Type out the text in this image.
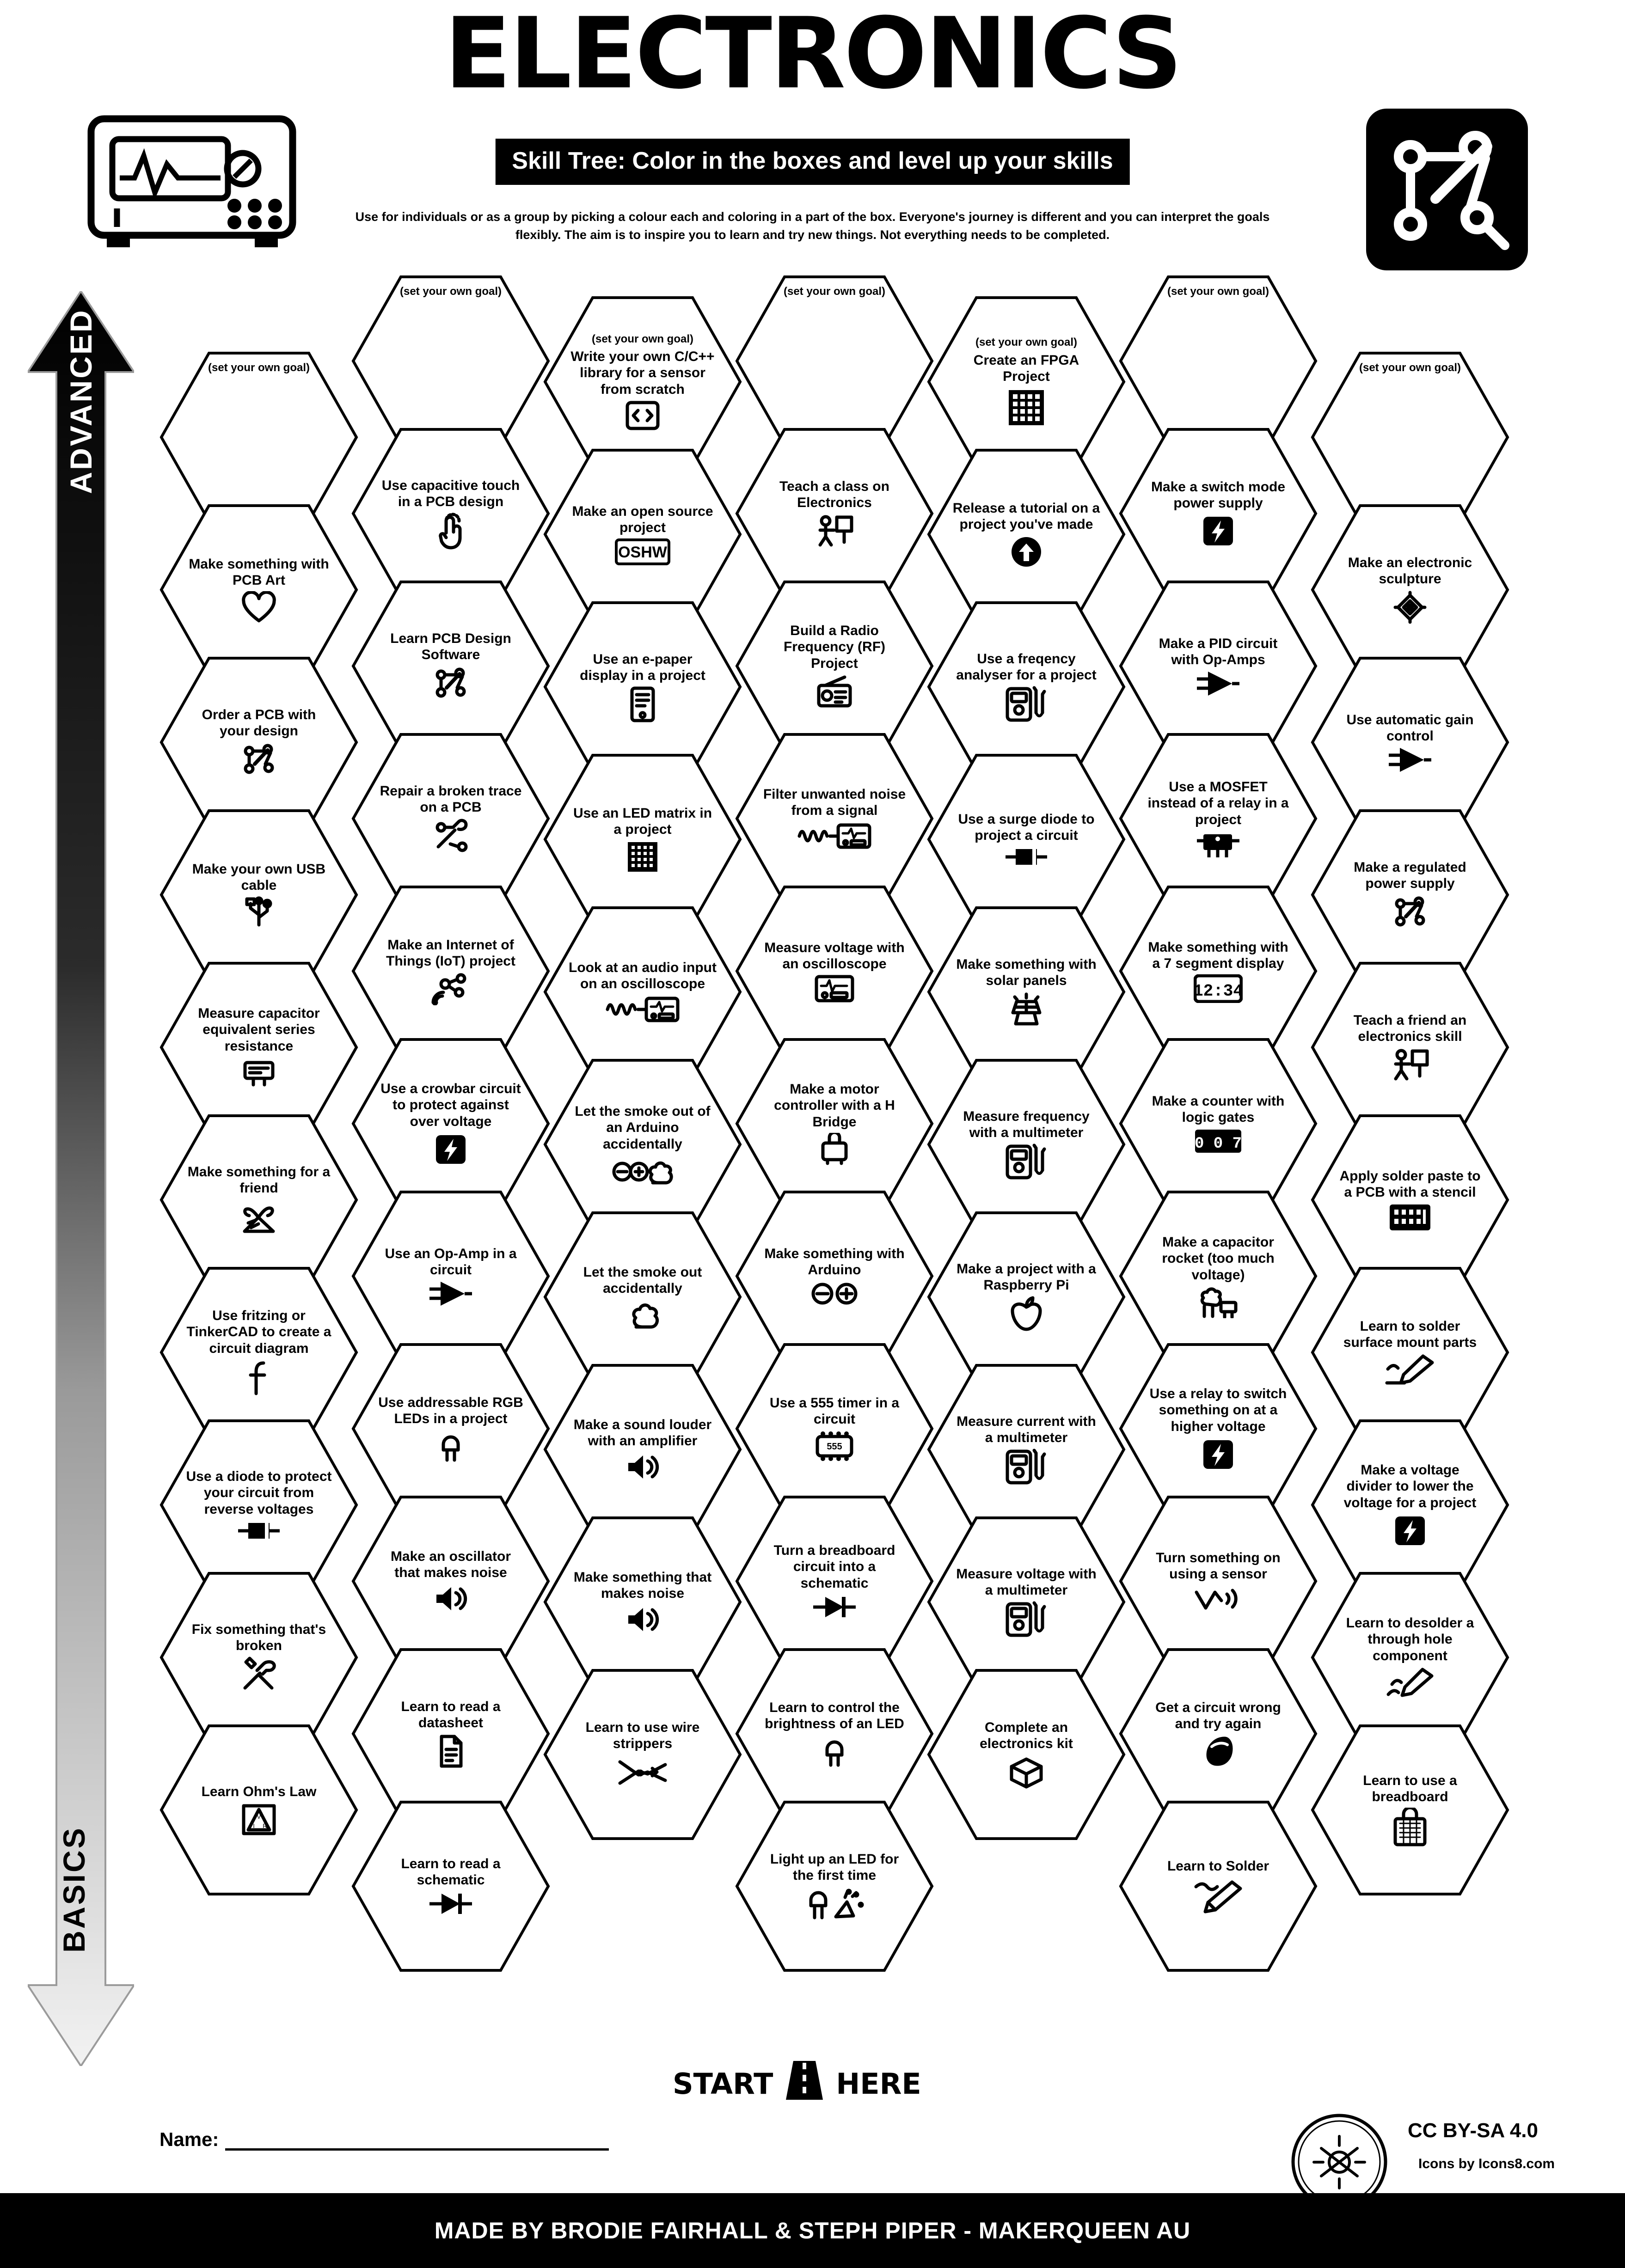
ELECTRONICS
Skill Tree: Color in the boxes and level up your skills
Use for individuals or as a group by picking a colour each and coloring in a part of the box. Everyone's journey is different and you can interpret the goals flexibly. The aim is to inspire you to learn and try new things. Not everything needs to be completed.
ADVANCED
BASICS
(set your own goal)
Make something with PCB Art
Order a PCB with your design
Make your own USB cable
Measure capacitor equivalent series resistance
Make something for a friend
Use fritzing or TinkerCAD to create a circuit diagram
Use a diode to protect your circuit from reverse voltages
Fix something that's broken
Learn Ohm's Law
V
I R
(set your own goal)
Use capacitive touch in a PCB design
Learn PCB Design Software
Repair a broken trace on a PCB
Make an Internet of Things (IoT) project
Use a crowbar circuit to protect against over voltage
Use an Op-Amp in a circuit
Use addressable RGB LEDs in a project
Make an oscillator that makes noise
Learn to read a datasheet
Learn to read a schematic
(set your own goal)
Write your own C/C++ library for a sensor from scratch
Make an open source project
OSHW
Use an e-paper display in a project
Use an LED matrix in a project
Look at an audio input on an oscilloscope
Let the smoke out of an Arduino accidentally
Let the smoke out accidentally
Make a sound louder with an amplifier
Make something that makes noise
Learn to use wire strippers
(set your own goal)
Teach a class on Electronics
Build a Radio Frequency (RF) Project
Filter unwanted noise from a signal
Measure voltage with an oscilloscope
Make a motor controller with a H Bridge
Make something with Arduino
Use a 555 timer in a circuit
555
Turn a breadboard circuit into a schematic
Learn to control the brightness of an LED
Light up an LED for the first time
(set your own goal)
Create an FPGA Project
Release a tutorial on a project you've made
Use a freqency analyser for a project
Use a surge diode to project a circuit
Make something with solar panels
Measure frequency with a multimeter
Make a project with a Raspberry Pi
Measure current with a multimeter
Measure voltage with a multimeter
Complete an electronics kit
(set your own goal)
Make a switch mode power supply
Make a PID circuit with Op-Amps
Use a MOSFET instead of a relay in a project
Make something with a 7 segment display
12:34
Make a counter with logic gates
0 0 7
Make a capacitor rocket (too much voltage)
Use a relay to switch something on at a higher voltage
Turn something on using a sensor
Get a circuit wrong and try again
Learn to Solder
(set your own goal)
Make an electronic sculpture
Use automatic gain control
Make a regulated power supply
Teach a friend an electronics skill
Apply solder paste to a PCB with a stencil
Learn to solder surface mount parts
Make a voltage divider to lower the voltage for a project
Learn to desolder a through hole component
Learn to use a breadboard
START HERE
Name:	CC BY-SA 4.0
Icons by Icons8.com
MADE BY BRODIE FAIRHALL & STEPH PIPER - MAKERQUEEN AU
